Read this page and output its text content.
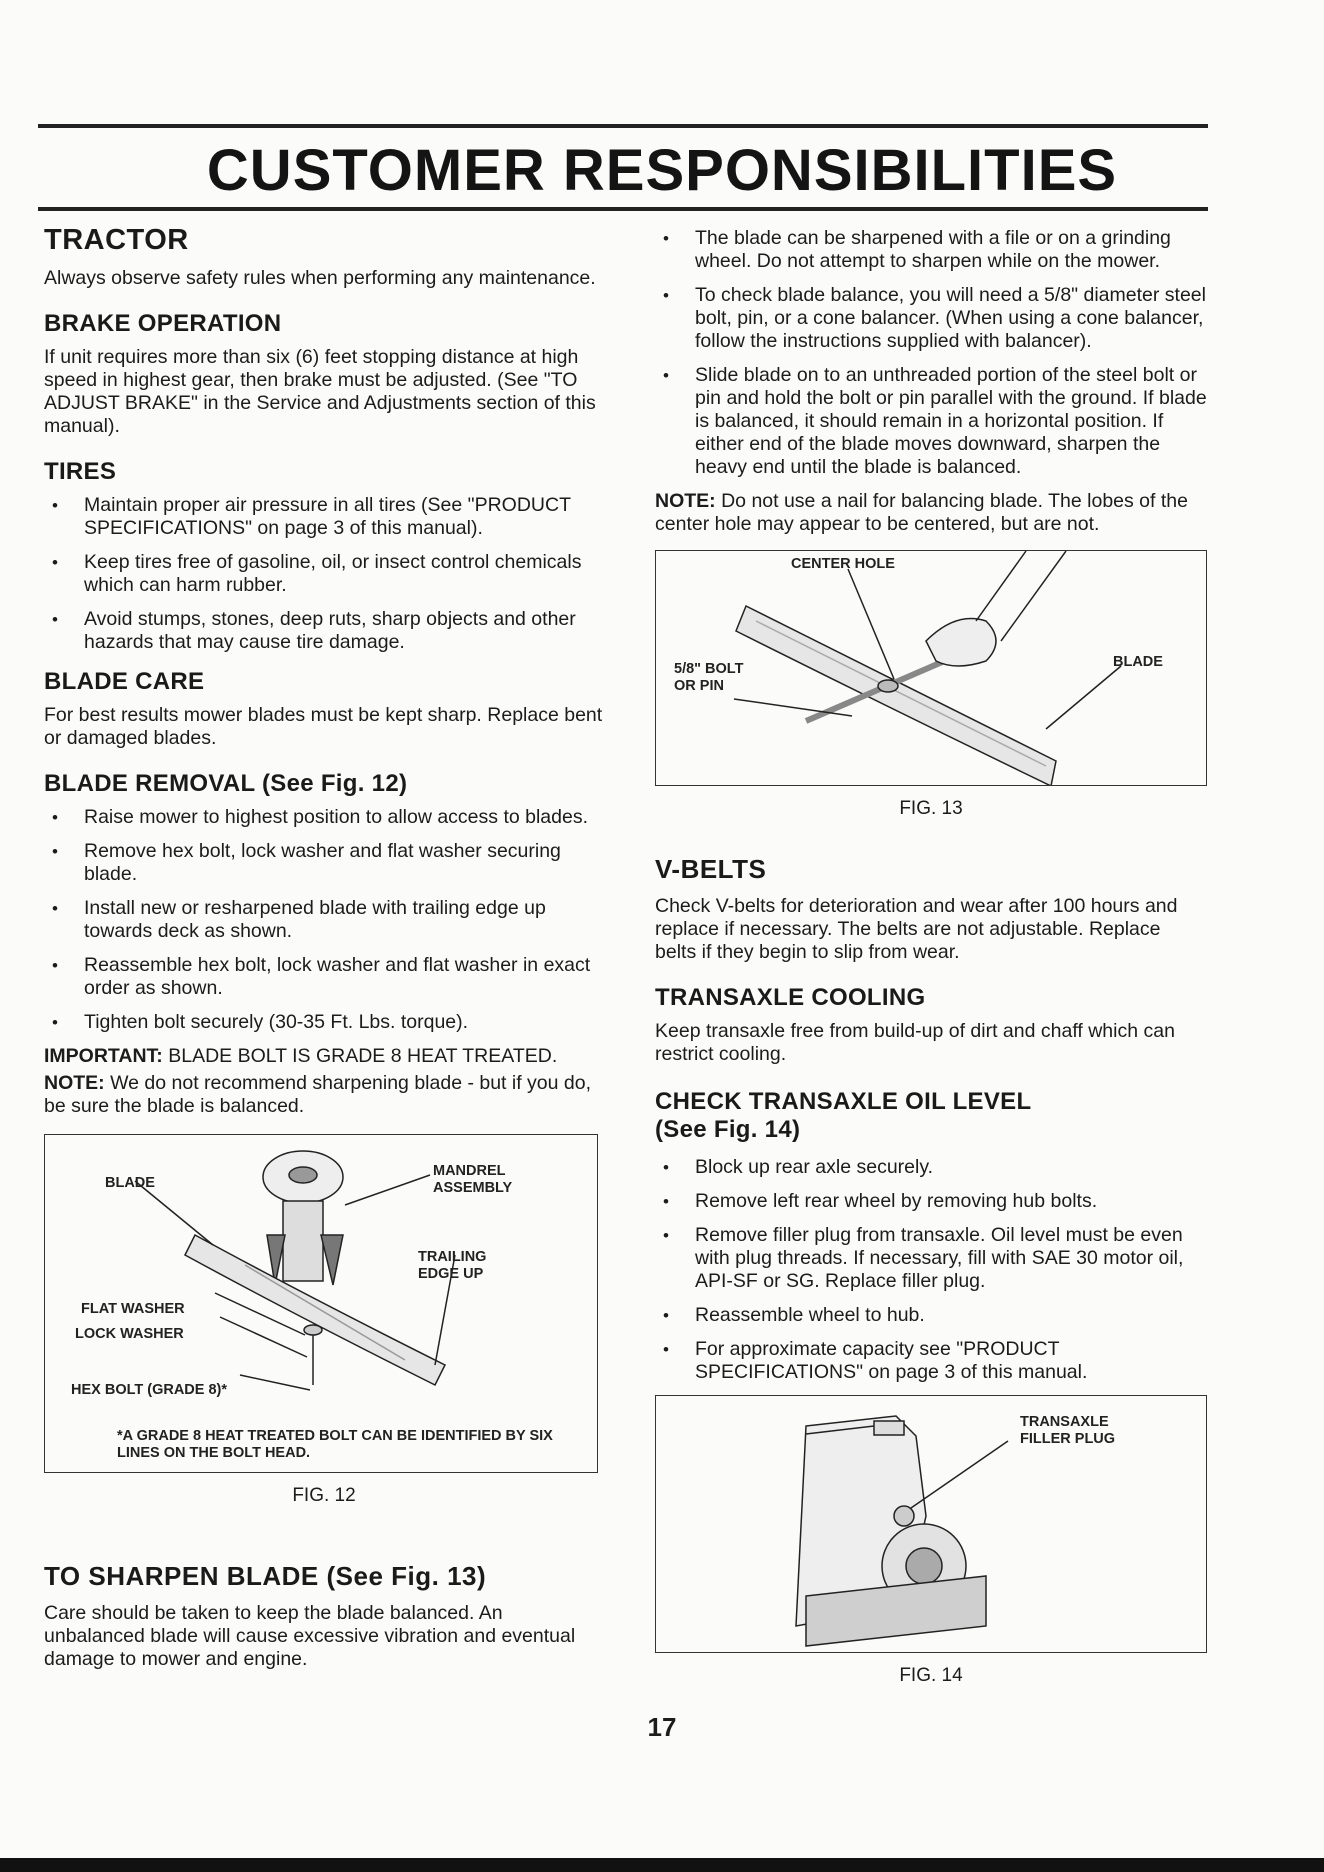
CUSTOMER RESPONSIBILITIES
TRACTOR

Always observe safety rules when performing any maintenance.

BRAKE OPERATION

If unit requires more than six (6) feet stopping distance at high speed in highest gear, then brake must be adjusted. (See "TO ADJUST BRAKE" in the Service and Adjustments section of this manual).

TIRES
• Maintain proper air pressure in all tires (See "PRODUCT SPECIFICATIONS" on page 3 of this manual).
• Keep tires free of gasoline, oil, or insect control chemicals which can harm rubber.
• Avoid stumps, stones, deep ruts, sharp objects and other hazards that may cause tire damage.
BLADE CARE

For best results mower blades must be kept sharp. Replace bent or damaged blades.

BLADE REMOVAL (See Fig. 12)
• Raise mower to highest position to allow access to blades.
• Remove hex bolt, lock washer and flat washer securing blade.
• Install new or resharpened blade with trailing edge up towards deck as shown.
• Reassemble hex bolt, lock washer and flat washer in exact order as shown.
• Tighten bolt securely (30-35 Ft. Lbs. torque).

IMPORTANT: BLADE BOLT IS GRADE 8 HEAT TREATED.

NOTE: We do not recommend sharpening blade - but if you do, be sure the blade is balanced.

BLADE
MANDREL ASSEMBLY
TRAILING EDGE UP
FLAT WASHER
LOCK WASHER
HEX BOLT (GRADE 8)*
*A GRADE 8 HEAT TREATED BOLT CAN BE IDENTIFIED BY SIX LINES ON THE BOLT HEAD.
FIG. 12
TO SHARPEN BLADE (See Fig. 13)

Care should be taken to keep the blade balanced. An unbalanced blade will cause excessive vibration and eventual damage to mower and engine.

• The blade can be sharpened with a file or on a grinding wheel. Do not attempt to sharpen while on the mower.
• To check blade balance, you will need a 5/8" diameter steel bolt, pin, or a cone balancer. (When using a cone balancer, follow the instructions supplied with balancer).
• Slide blade on to an unthreaded portion of the steel bolt or pin and hold the bolt or pin parallel with the ground. If blade is balanced, it should remain in a horizontal position. If either end of the blade moves downward, sharpen the heavy end until the blade is balanced.

NOTE: Do not use a nail for balancing blade. The lobes of the center hole may appear to be centered, but are not.

CENTER HOLE
5/8" BOLT OR PIN
BLADE
FIG. 13
V-BELTS

Check V-belts for deterioration and wear after 100 hours and replace if necessary. The belts are not adjustable. Replace belts if they begin to slip from wear.

TRANSAXLE COOLING

Keep transaxle free from build-up of dirt and chaff which can restrict cooling.

CHECK TRANSAXLE OIL LEVEL
(See Fig. 14)
• Block up rear axle securely.
• Remove left rear wheel by removing hub bolts.
• Remove filler plug from transaxle. Oil level must be even with plug threads. If necessary, fill with SAE 30 motor oil, API-SF or SG. Replace filler plug.
• Reassemble wheel to hub.
• For approximate capacity see "PRODUCT SPECIFICATIONS" on page 3 of this manual.
TRANSAXLE FILLER PLUG
FIG. 14
17
